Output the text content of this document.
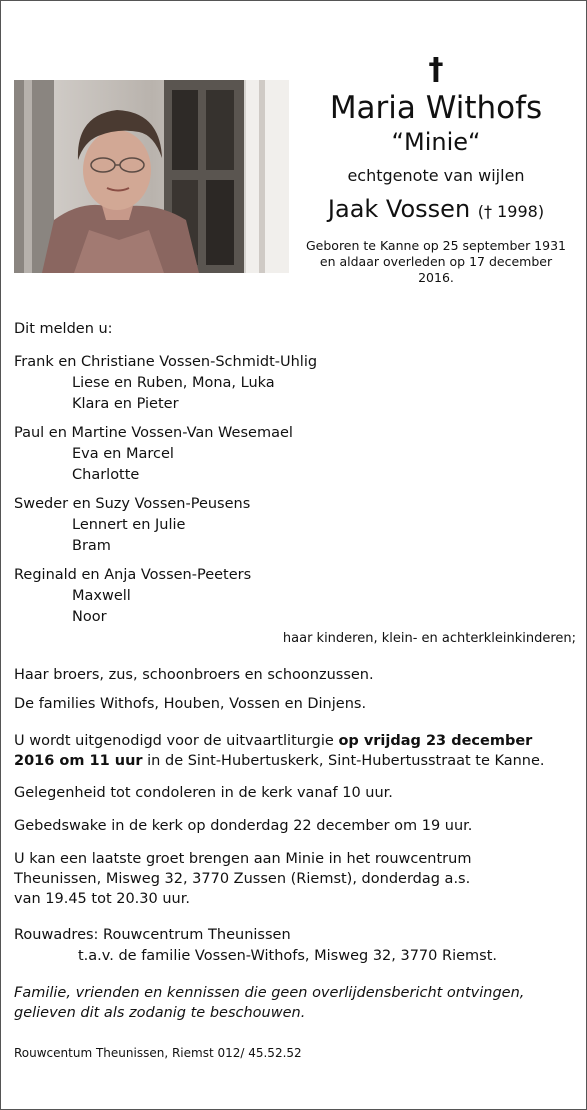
†
Maria Withofs
“Minie“
echtgenote van wijlen
Jaak Vossen († 1998)
Geboren te Kanne op 25 september 1931
en aldaar overleden op 17 december 2016.
Dit melden u:
Frank en Christiane Vossen-Schmidt-Uhlig
Liese en Ruben, Mona, Luka
Klara en Pieter
Paul en Martine Vossen-Van Wesemael
Eva en Marcel
Charlotte
Sweder en Suzy Vossen-Peusens
Lennert en Julie
Bram
Reginald en Anja Vossen-Peeters
Maxwell
Noor
haar kinderen, klein- en achterkleinkinderen;
Haar broers, zus, schoonbroers en schoonzussen.
De families Withofs, Houben, Vossen en Dinjens.
U wordt uitgenodigd voor de uitvaartliturgie op vrijdag 23 december
2016 om 11 uur in de Sint-Hubertuskerk, Sint-Hubertusstraat te Kanne.
Gelegenheid tot condoleren in de kerk vanaf 10 uur.
Gebedswake in de kerk op donderdag 22 december om 19 uur.
U kan een laatste groet brengen aan Minie in het rouwcentrum
Theunissen, Misweg 32, 3770 Zussen (Riemst), donderdag a.s.
van 19.45 tot 20.30 uur.
Rouwadres: Rouwcentrum Theunissen
t.a.v. de familie Vossen-Withofs, Misweg 32, 3770 Riemst.
Familie, vrienden en kennissen die geen overlijdensbericht ontvingen,
gelieven dit als zodanig te beschouwen.
Rouwcentum Theunissen, Riemst 012/ 45.52.52
